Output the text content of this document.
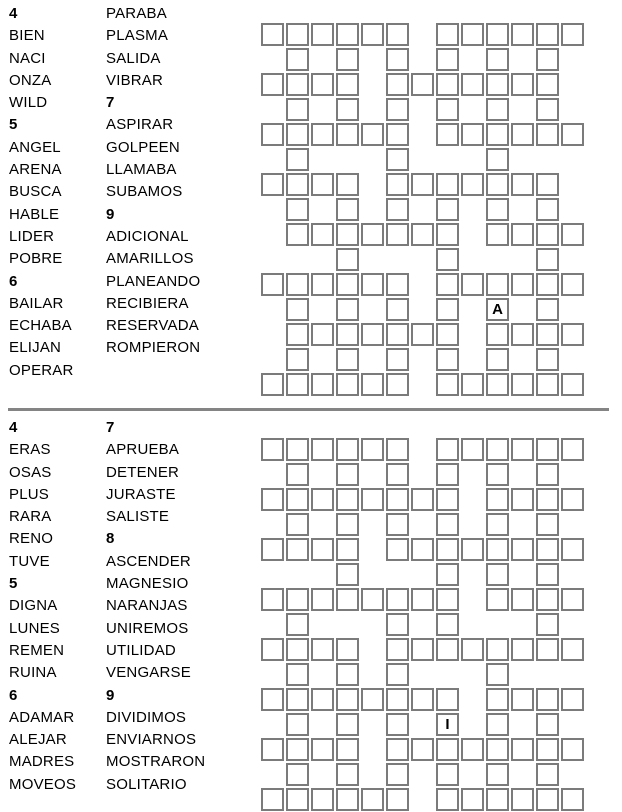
4
BIEN
NACI
ONZA
WILD
5
ANGEL
ARENA
BUSCA
HABLE
LIDER
POBRE
6
BAILAR
ECHABA
ELIJAN
OPERAR
PARABA
PLASMA
SALIDA
VIBRAR
7
ASPIRAR
GOLPEEN
LLAMABA
SUBAMOS
9
ADICIONAL
AMARILLOS
PLANEANDO
RECIBIERA
RESERVADA
ROMPIERON
A
4
ERAS
OSAS
PLUS
RARA
RENO
TUVE
5
DIGNA
LUNES
REMEN
RUINA
6
ADAMAR
ALEJAR
MADRES
MOVEOS
7
APRUEBA
DETENER
JURASTE
SALISTE
8
ASCENDER
MAGNESIO
NARANJAS
UNIREMOS
UTILIDAD
VENGARSE
9
DIVIDIMOS
ENVIARNOS
MOSTRARON
SOLITARIO
I
